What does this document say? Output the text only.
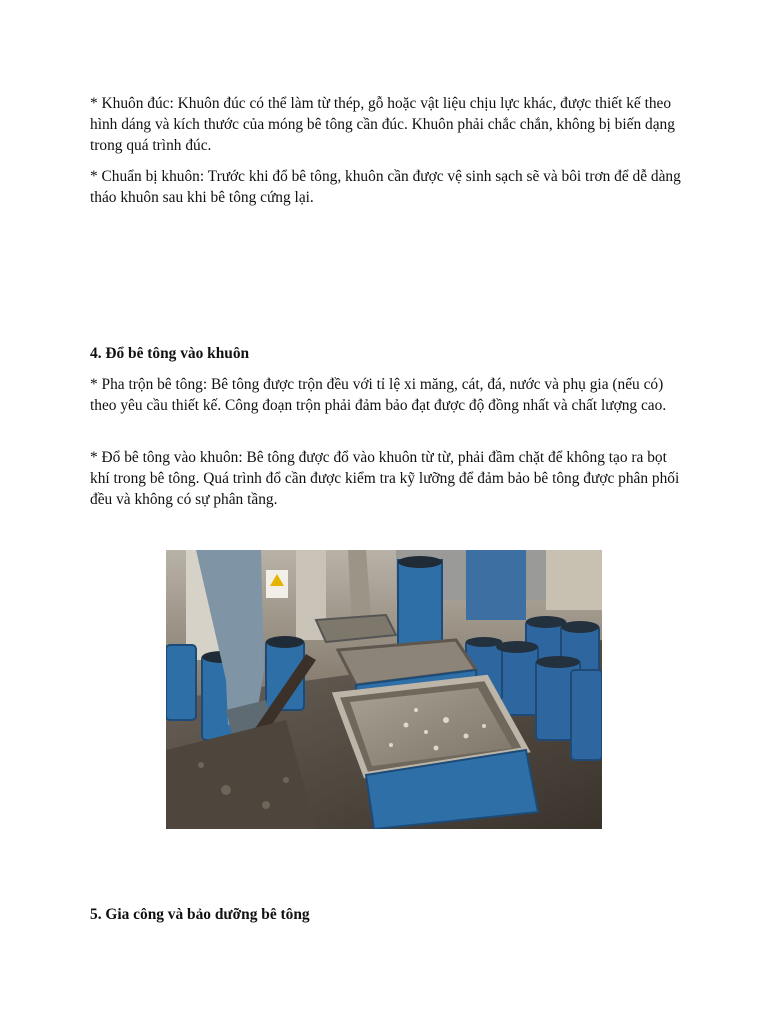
* Khuôn đúc: Khuôn đúc có thể làm từ thép, gỗ hoặc vật liệu chịu lực khác, được thiết kế theo hình dáng và kích thước của móng bê tông cần đúc. Khuôn phải chắc chắn, không bị biến dạng trong quá trình đúc.

* Chuẩn bị khuôn: Trước khi đổ bê tông, khuôn cần được vệ sinh sạch sẽ và bôi trơn để dễ dàng tháo khuôn sau khi bê tông cứng lại.

4. Đổ bê tông vào khuôn

* Pha trộn bê tông: Bê tông được trộn đều với tỉ lệ xi măng, cát, đá, nước và phụ gia (nếu có) theo yêu cầu thiết kế. Công đoạn trộn phải đảm bảo đạt được độ đồng nhất và chất lượng cao.

* Đổ bê tông vào khuôn: Bê tông được đổ vào khuôn từ từ, phải đầm chặt để không tạo ra bọt khí trong bê tông. Quá trình đổ cần được kiểm tra kỹ lưỡng để đảm bảo bê tông được phân phối đều và không có sự phân tầng.

5. Gia công và bảo dưỡng bê tông
